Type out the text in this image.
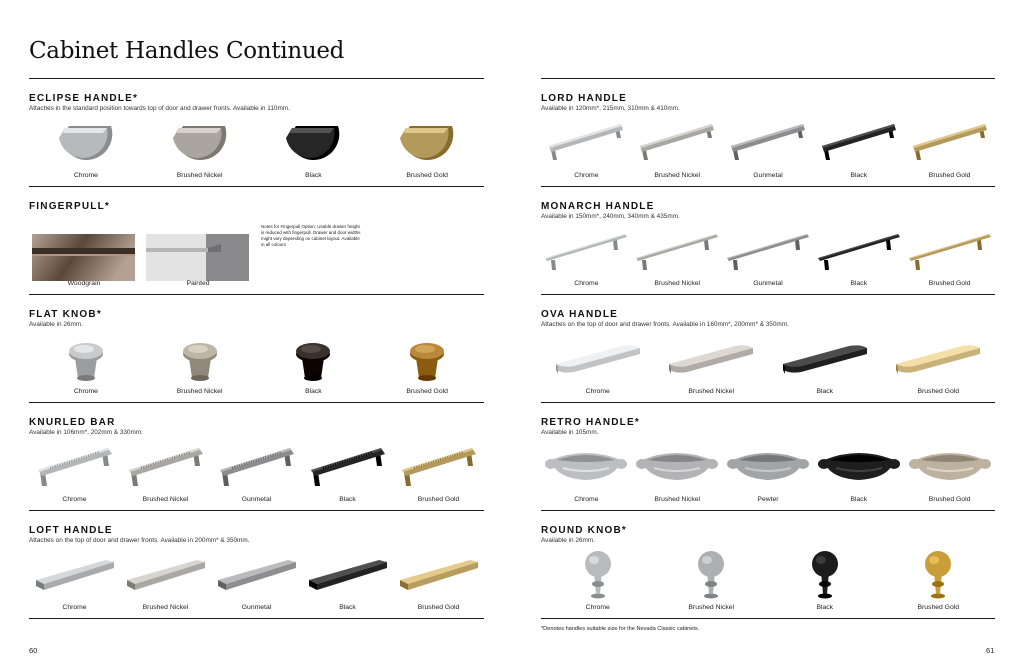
Cabinet Handles Continued
ECLIPSE HANDLE*
Attaches in the standard position towards top of door and drawer fronts. Available in 110mm.
Chrome	Brushed Nickel	Black	Brushed Gold
FINGERPULL*
Woodgrain	Painted
Notes for Fingerpull Option: Usable drawer height is reduced with fingerpull. Drawer and door widths might vary depending on cabinet layout. Available in all colours
FLAT KNOB*
Available in 26mm.
Chrome	Brushed Nickel	Black	Brushed Gold
KNURLED BAR
Available in 106mm*, 202mm & 330mm.
Chrome	Brushed Nickel	Gunmetal	Black	Brushed Gold
LOFT HANDLE
Attaches on the top of door and drawer fronts. Available in 200mm* & 350mm.
Chrome	Brushed Nickel	Gunmetal	Black	Brushed Gold
LORD HANDLE
Available in 120mm*, 215mm, 310mm & 410mm.
Chrome	Brushed Nickel	Gunmetal	Black	Brushed Gold
MONARCH HANDLE
Available in 150mm*, 240mm, 340mm & 435mm.
Chrome	Brushed Nickel	Gunmetal	Black	Brushed Gold
OVA HANDLE
Attaches on the top of door and drawer fronts. Available in 160mm*, 200mm* & 350mm.
Chrome	Brushed Nickel	Black	Brushed Gold
RETRO HANDLE*
Available in 105mm.
Chrome	Brushed Nickel	Pewter	Black	Brushed Gold
ROUND KNOB*
Available in 26mm.
Chrome	Brushed Nickel	Black	Brushed Gold
*Denotes handles suitable size for the Nevada Classic cabinets.
60	61
